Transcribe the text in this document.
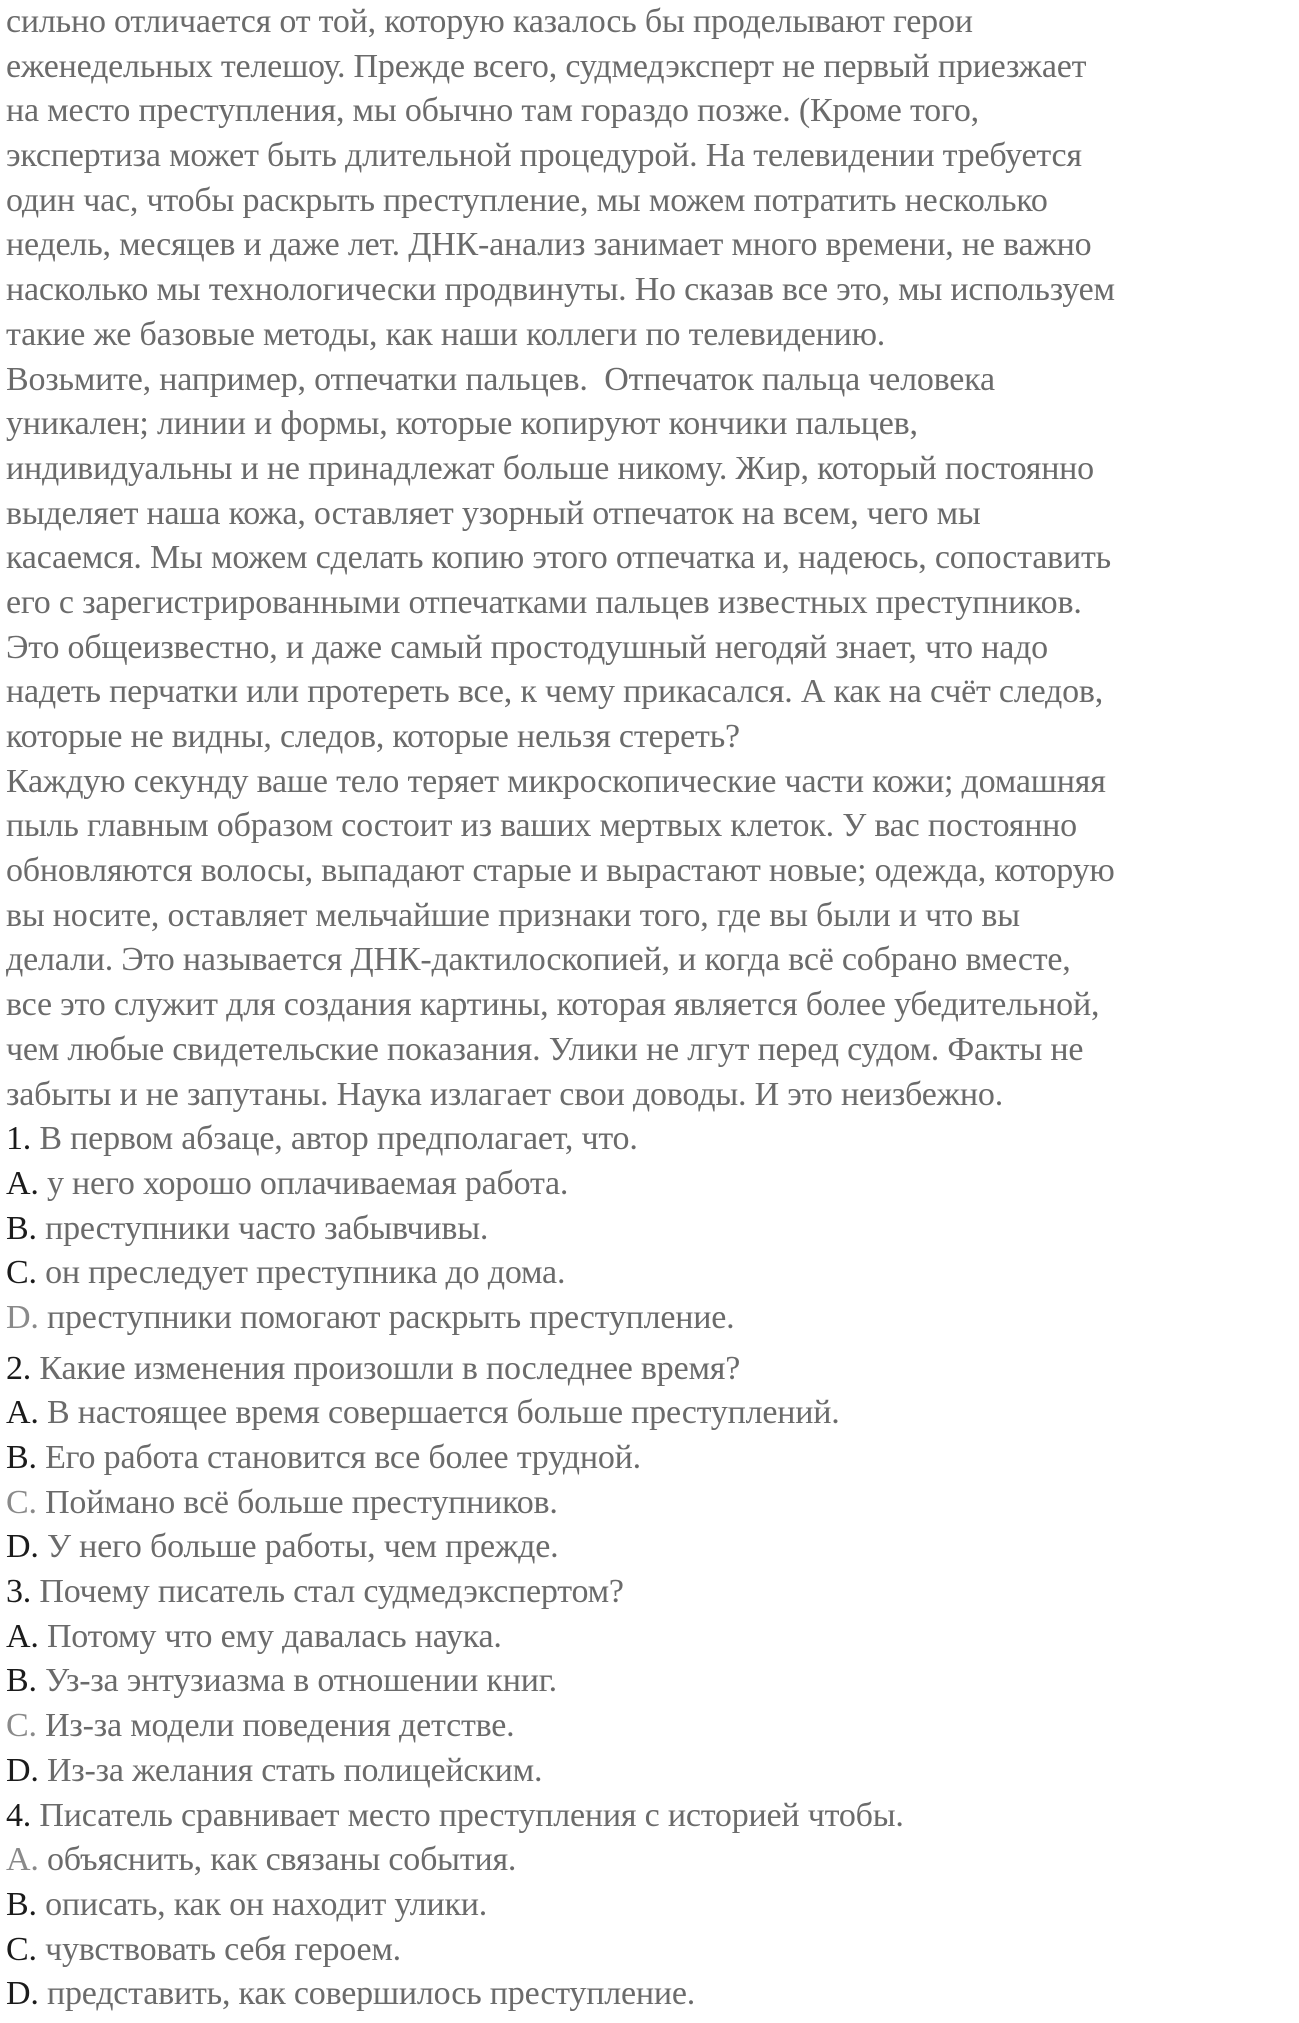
сильно отличается от той, которую казалось бы проделывают герои
еженедельных телешоу. Прежде всего, судмедэксперт не первый приезжает
на место преступления, мы обычно там гораздо позже. (Кроме того,
экспертиза может быть длительной процедурой. На телевидении требуется
один час, чтобы раскрыть преступление, мы можем потратить несколько
недель, месяцев и даже лет. ДНК-анализ занимает много времени, не важно
насколько мы технологически продвинуты. Но сказав все это, мы используем
такие же базовые методы, как наши коллеги по телевидению.
Возьмите, например, отпечатки пальцев.  Отпечаток пальца человека
уникален; линии и формы, которые копируют кончики пальцев,
индивидуальны и не принадлежат больше никому. Жир, который постоянно
выделяет наша кожа, оставляет узорный отпечаток на всем, чего мы
касаемся. Мы можем сделать копию этого отпечатка и, надеюсь, сопоставить
его с зарегистрированными отпечатками пальцев известных преступников.
Это общеизвестно, и даже самый простодушный негодяй знает, что надо
надеть перчатки или протереть все, к чему прикасался. А как на счёт следов,
которые не видны, следов, которые нельзя стереть?
Каждую секунду ваше тело теряет микроскопические части кожи; домашняя
пыль главным образом состоит из ваших мертвых клеток. У вас постоянно
обновляются волосы, выпадают старые и вырастают новые; одежда, которую
вы носите, оставляет мельчайшие признаки того, где вы были и что вы
делали. Это называется ДНК-дактилоскопией, и когда всё собрано вместе,
все это служит для создания картины, которая является более убедительной,
чем любые свидетельские показания. Улики не лгут перед судом. Факты не
забыты и не запутаны. Наука излагает свои доводы. И это неизбежно.
1. В первом абзаце, автор предполагает, что.
A. у него хорошо оплачиваемая работа.
B. преступники часто забывчивы.
C. он преследует преступника до дома.
D. преступники помогают раскрыть преступление.
2. Какие изменения произошли в последнее время?
A. В настоящее время совершается больше преступлений.
B. Его работа становится все более трудной.
C. Поймано всё больше преступников.
D. У него больше работы, чем прежде.
3. Почему писатель стал судмедэкспертом?
A. Потому что ему давалась наука.
B. Уз-за энтузиазма в отношении книг.
C. Из-за модели поведения детстве.
D. Из-за желания стать полицейским.
4. Писатель сравнивает место преступления с историей чтобы.
A. объяснить, как связаны события.
B. описать, как он находит улики.
C. чувствовать себя героем.
D. представить, как совершилось преступление.
